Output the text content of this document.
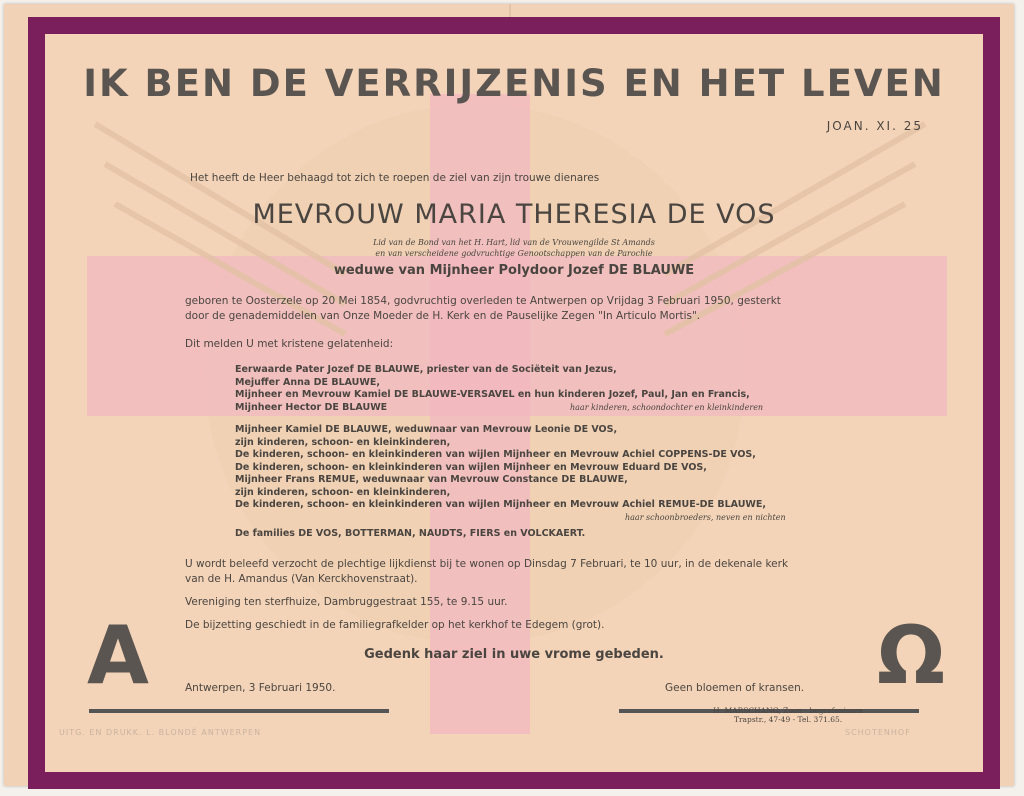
IK BEN DE VERRIJZENIS EN HET LEVEN
JOAN. XI. 25
Het heeft de Heer behaagd tot zich te roepen de ziel van zijn trouwe dienares
MEVROUW MARIA THERESIA DE VOS
Lid van de Bond van het H. Hart, lid van de Vrouwengilde St Amands
en van verscheidene godvruchtige Genootschappen van de Parochie
weduwe van Mijnheer Polydoor Jozef DE BLAUWE
geboren te Oosterzele op 20 Mei 1854, godvruchtig overleden te Antwerpen op Vrijdag 3 Februari 1950, gesterkt
door de genademiddelen van Onze Moeder de H. Kerk en de Pauselijke Zegen "In Articulo Mortis".
Dit melden U met kristene gelatenheid:
Eerwaarde Pater Jozef DE BLAUWE, priester van de Sociëteit van Jezus,
Mejuffer Anna DE BLAUWE,
Mijnheer en Mevrouw Kamiel DE BLAUWE-VERSAVEL en hun kinderen Jozef, Paul, Jan en Francis,
Mijnheer Hector DE BLAUWE	haar kinderen, schoondochter en kleinkinderen
Mijnheer Kamiel DE BLAUWE, weduwnaar van Mevrouw Leonie DE VOS,
zijn kinderen, schoon- en kleinkinderen,
De kinderen, schoon- en kleinkinderen van wijlen Mijnheer en Mevrouw Achiel COPPENS-DE VOS,
De kinderen, schoon- en kleinkinderen van wijlen Mijnheer en Mevrouw Eduard DE VOS,
Mijnheer Frans REMUE, weduwnaar van Mevrouw Constance DE BLAUWE,
zijn kinderen, schoon- en kleinkinderen,
De kinderen, schoon- en kleinkinderen van wijlen Mijnheer en Mevrouw Achiel REMUE-DE BLAUWE,
haar schoonbroeders, neven en nichten
De families DE VOS, BOTTERMAN, NAUDTS, FIERS en VOLCKAERT.
U wordt beleefd verzocht de plechtige lijkdienst bij te wonen op Dinsdag 7 Februari, te 10 uur, in de dekenale kerk
van de H. Amandus (Van Kerckhovenstraat).
Vereniging ten sterfhuize, Dambruggestraat 155, te 9.15 uur.
De bijzetting geschiedt in de familiegrafkelder op het kerkhof te Edegem (grot).
Gedenk haar ziel in uwe vrome gebeden.
A	Ω
Antwerpen, 3 Februari 1950.	Geen bloemen of kransen.
H. MARSCHANG, Zoon - begrafenissen
Trapstr., 47-49 - Tel. 371.65.
UITG. EN DRUKK. L. BLONDÉ ANTWERPEN	SCHOTENHOF
